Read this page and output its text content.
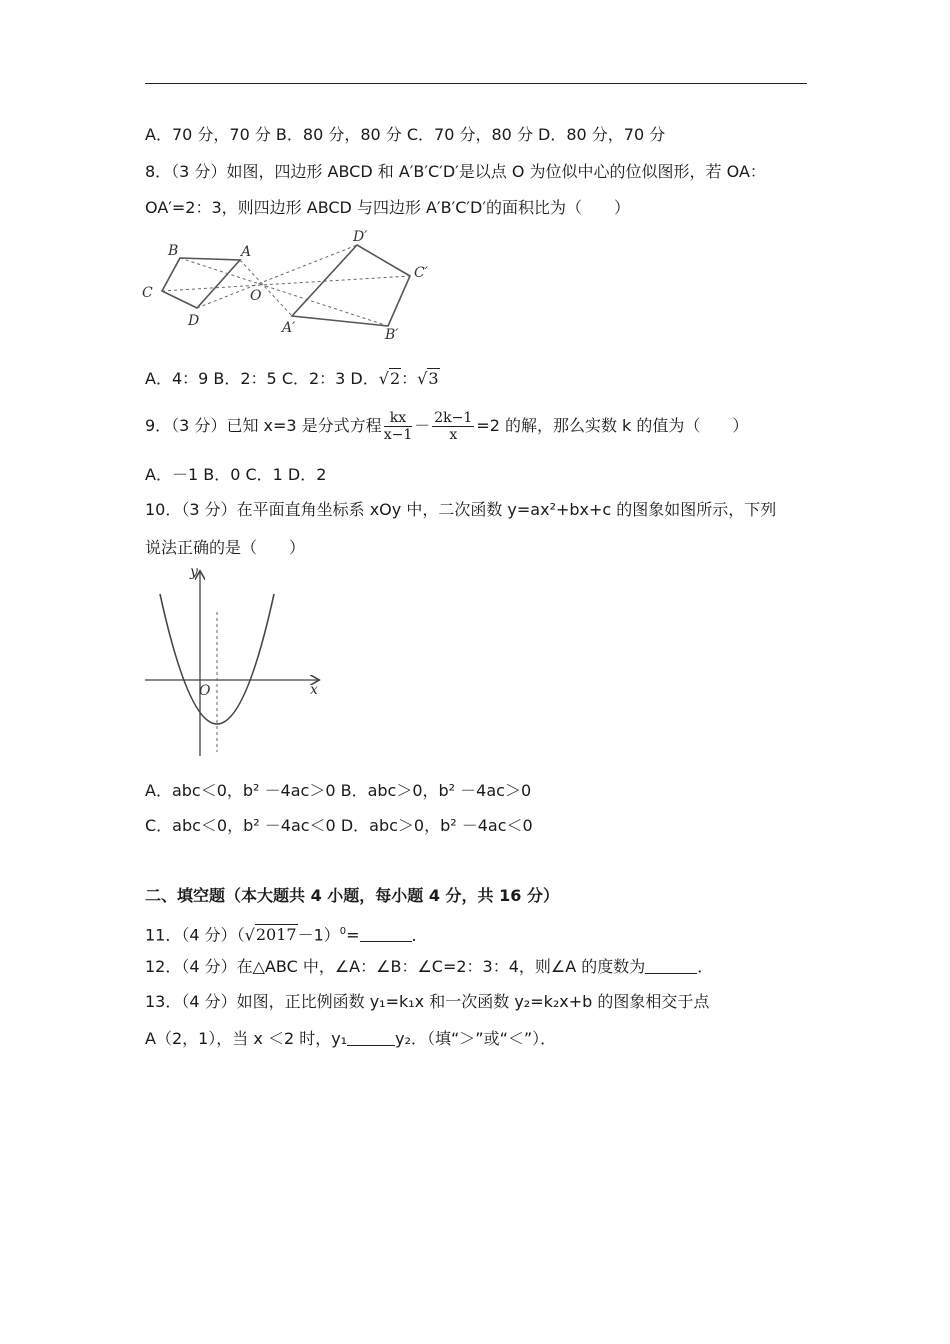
A．70 分，70 分 B．80 分，80 分 C．70 分，80 分 D．80 分，70 分
8．（3 分）如图，四边形 ABCD 和 A′B′C′D′是以点 O 为位似中心的位似图形，若 OA：
OA′=2：3，则四边形 ABCD 与四边形 A′B′C′D′的面积比为（　　）
B	A
C
D
O
D′
C′
A′	B′
A．4：9 B．2：5 C．2：3 D．√2：√3
9．（3 分）已知 x=3 是分式方程 $\frac{kx}{x-1} - \frac{2k-1}{x} =2$ 的解，那么实数 k 的值为（　　）
A．－1 B．0 C．1 D．2
10．（3 分）在平面直角坐标系 xOy 中，二次函数 y=ax²+bx+c 的图象如图所示，下列
说法正确的是（　　）
y
x
O
A．abc＜0，b² －4ac＞0 B．abc＞0，b² －4ac＞0
C．abc＜0，b² －4ac＜0 D．abc＞0，b² －4ac＜0
二、填空题（本大题共 4 小题，每小题 4 分，共 16 分）
11．（4 分）$(√2017-1)^0=$	．
12．（4 分）在△ABC 中，∠A：∠B：∠C=2：3：4，则∠A 的度数为	．
13．（4 分）如图，正比例函数 y₁=k₁x 和一次函数 y₂=k₂x+b 的图象相交于点
A（2，1），当 x ＜2 时，y₁	y₂．（填“＞”或“＜”）．
